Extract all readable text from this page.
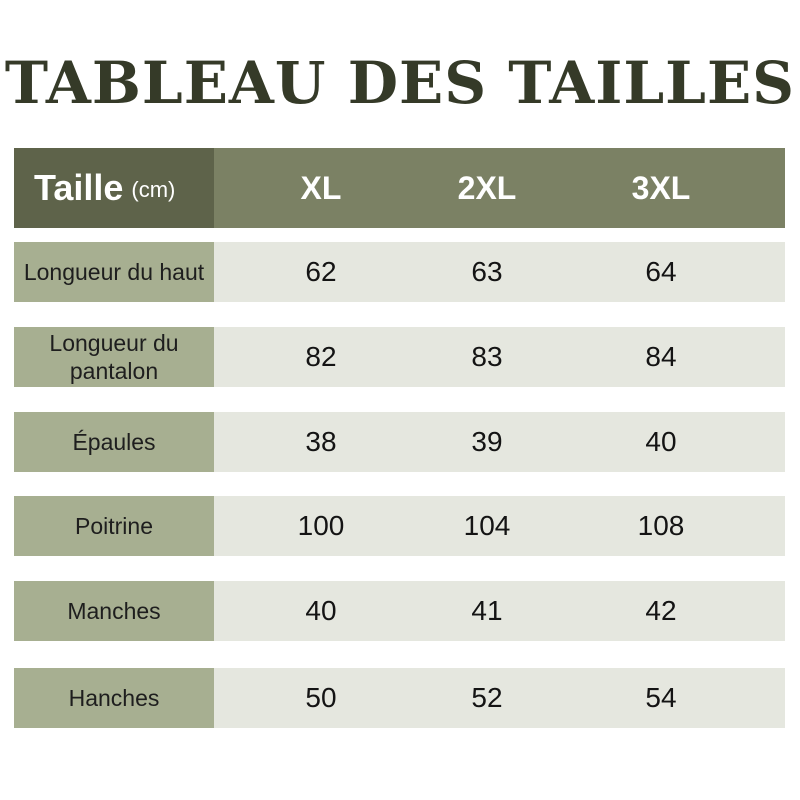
TABLEAU DES TAILLES
Taille (cm)	XL	2XL	3XL
Longueur du haut	62	63	64
Longueur du pantalon	82	83	84
Épaules	38	39	40
Poitrine	100	104	108
Manches	40	41	42
Hanches	50	52	54
